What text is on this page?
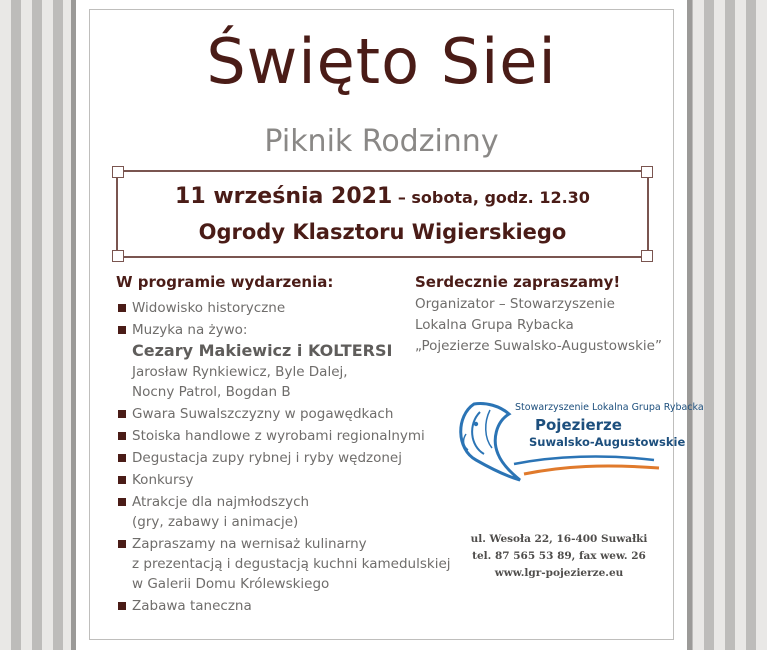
Święto Siei
Piknik Rodzinny
11 września 2021 – sobota, godz. 12.30
Ogrody Klasztoru Wigierskiego
W programie wydarzenia:
Widowisko historyczne
Muzyka na żywo:
Cezary Makiewicz i KOLTERSI
Jarosław Rynkiewicz, Byle Dalej,
Nocny Patrol, Bogdan B
Gwara Suwalszczyzny w pogawędkach
Stoiska handlowe z wyrobami regionalnymi
Degustacja zupy rybnej i ryby wędzonej
Konkursy
Atrakcje dla najmłodszych
(gry, zabawy i animacje)
Zapraszamy na wernisaż kulinarny
z prezentacją i degustacją kuchni kamedulskiej
w Galerii Domu Królewskiego
Zabawa taneczna
Serdecznie zapraszamy!
Organizator – Stowarzyszenie
Lokalna Grupa Rybacka
„Pojezierze Suwalsko-Augustowskie”
Stowarzyszenie Lokalna Grupa Rybacka
Pojezierze
Suwalsko-Augustowskie
ul. Wesoła 22, 16-400 Suwałki
tel. 87 565 53 89, fax wew. 26
www.lgr-pojezierze.eu
